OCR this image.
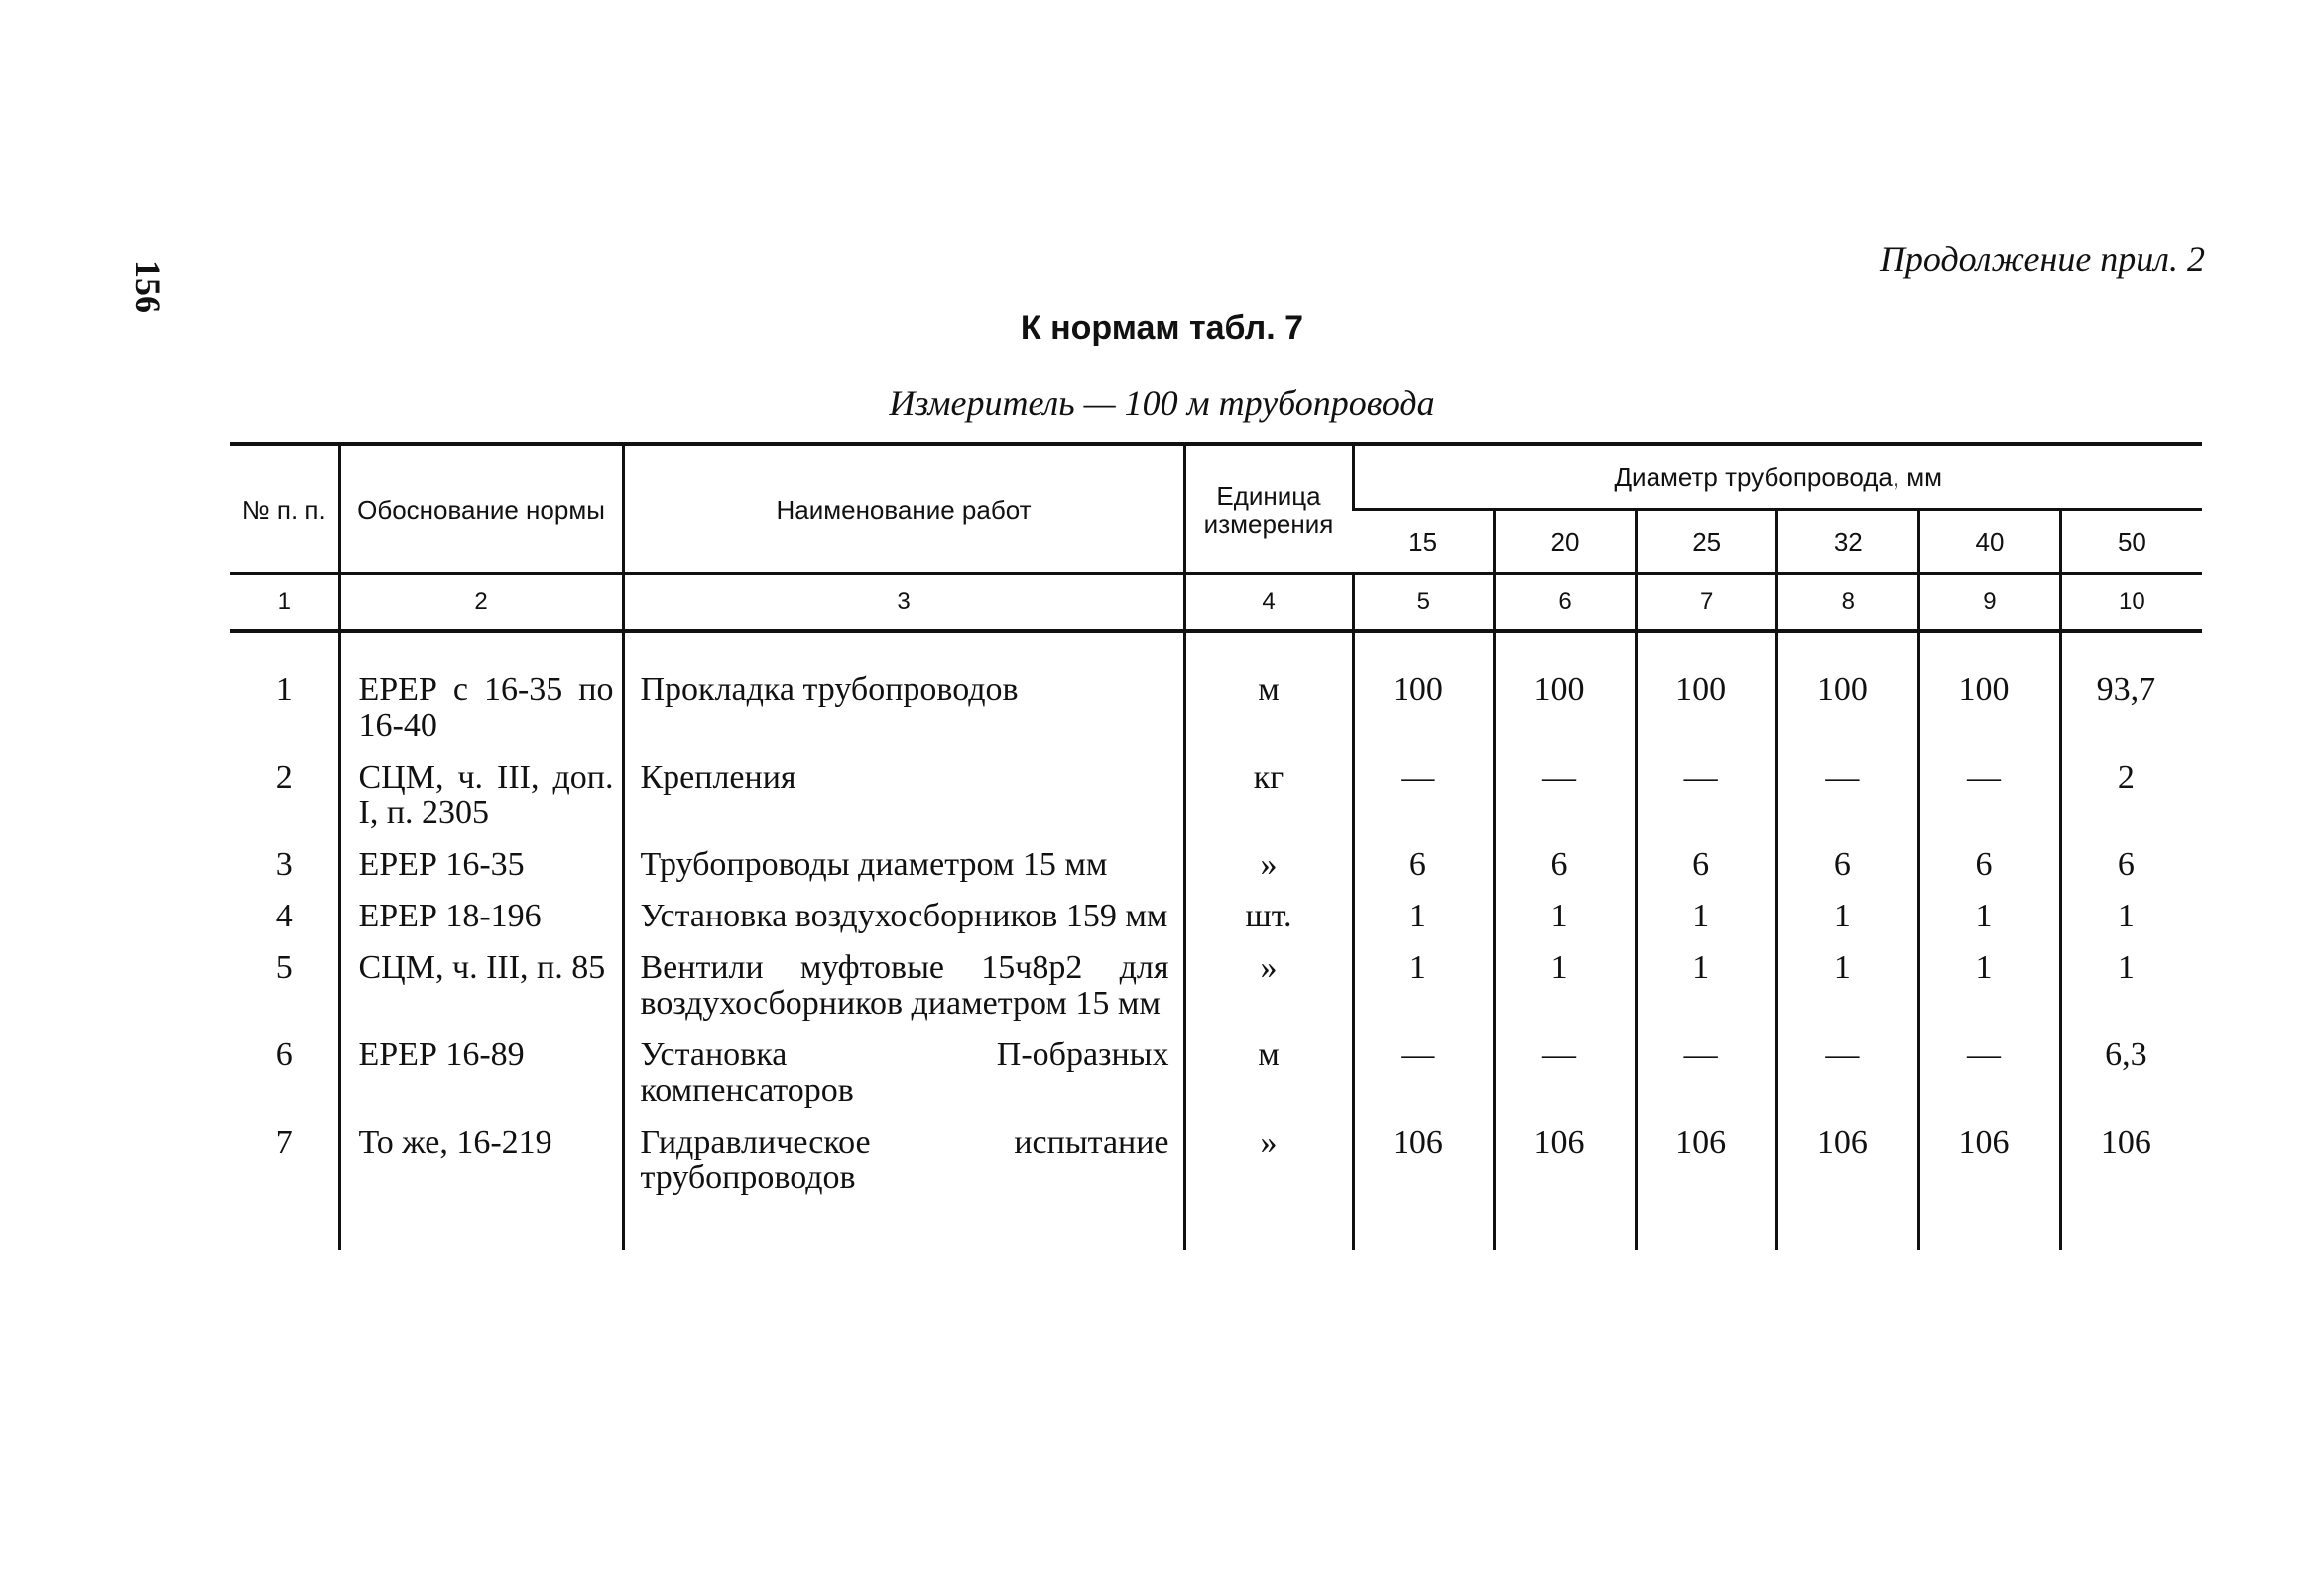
156
Продолжение прил. 2
К нормам табл. 7
Измеритель — 100 м трубопровода
№ п. п.	Обоснование нормы	Наименование работ	Единица измерения	Диаметр трубопровода, мм					
				15	20	25	32	40	50
1	2	3	4	5	6	7	8	9	10
1	ЕРЕР с 16-35 по 16-40	Прокладка трубопроводов	м	100	100	100	100	100	93,7
2	СЦМ, ч. III, доп. I, п. 2305	Крепления	кг	—	—	—	—	—	2
3	ЕРЕР 16-35	Трубопроводы диаметром 15 мм	»	6	6	6	6	6	6
4	ЕРЕР 18-196	Установка воздухосборников 159 мм	шт.	1	1	1	1	1	1
5	СЦМ, ч. III, п. 85	Вентили муфтовые 15ч8р2 для воздухосборников диаметром 15 мм	»	1	1	1	1	1	1
6	ЕРЕР 16-89	Установка П-образных компенсаторов	м	—	—	—	—	—	6,3
7	То же, 16-219	Гидравлическое испытание трубопроводов	»	106	106	106	106	106	106
